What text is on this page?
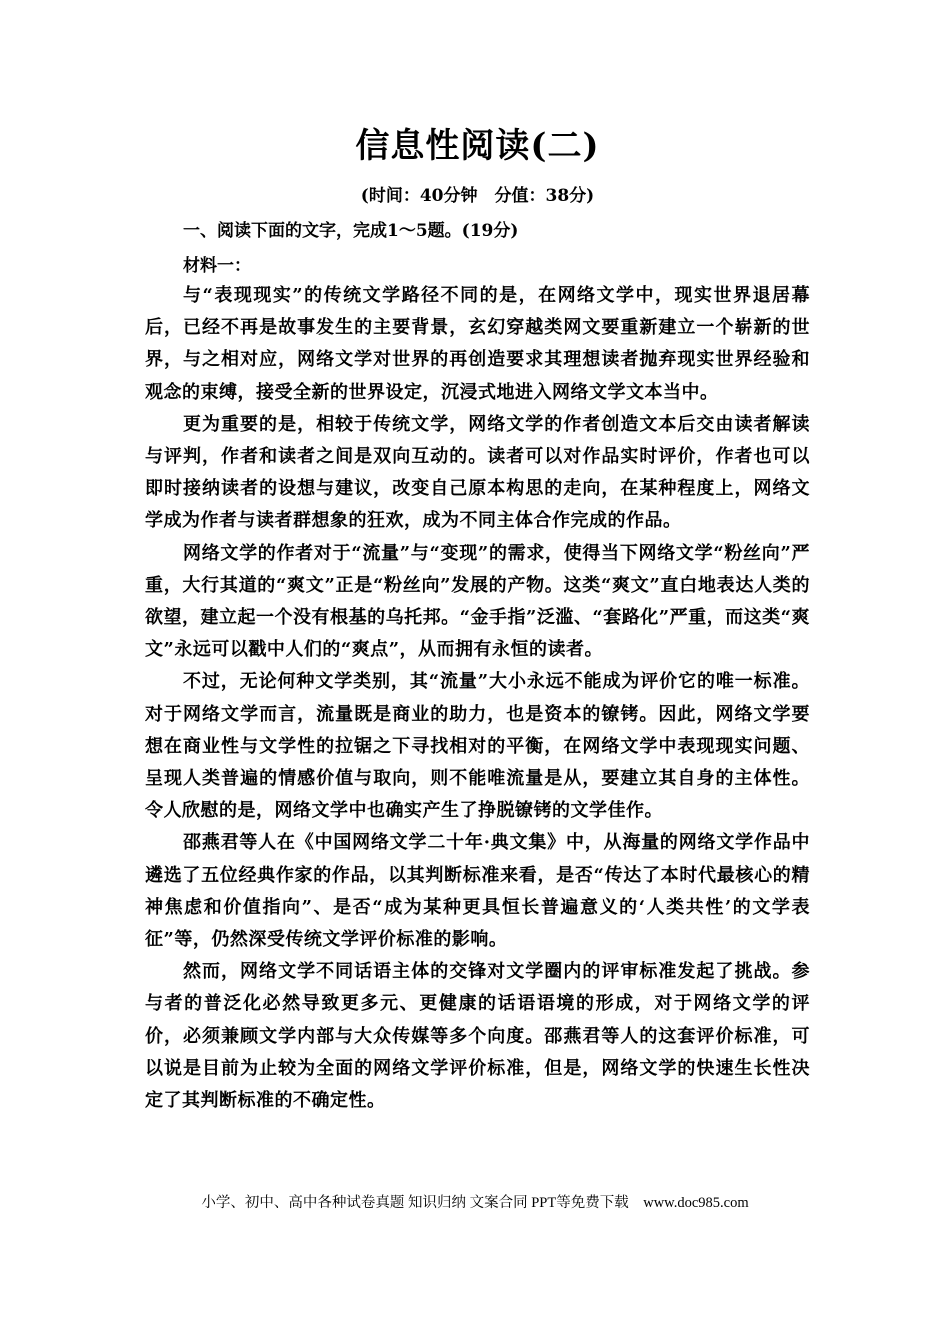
信息性阅读(二)
(时间：40分钟　分值：38分)
一、阅读下面的文字，完成1～5题。(19分)
材料一：

与“表现现实”的传统文学路径不同的是，在网络文学中，现实世界退居幕后，已经不再是故事发生的主要背景，玄幻穿越类网文要重新建立一个崭新的世界，与之相对应，网络文学对世界的再创造要求其理想读者抛弃现实世界经验和观念的束缚，接受全新的世界设定，沉浸式地进入网络文学文本当中。

更为重要的是，相较于传统文学，网络文学的作者创造文本后交由读者解读与评判，作者和读者之间是双向互动的。读者可以对作品实时评价，作者也可以即时接纳读者的设想与建议，改变自己原本构思的走向，在某种程度上，网络文学成为作者与读者群想象的狂欢，成为不同主体合作完成的作品。

网络文学的作者对于“流量”与“变现”的需求，使得当下网络文学“粉丝向”严重，大行其道的“爽文”正是“粉丝向”发展的产物。这类“爽文”直白地表达人类的欲望，建立起一个没有根基的乌托邦。“金手指”泛滥、“套路化”严重，而这类“爽文”永远可以戳中人们的“爽点”，从而拥有永恒的读者。

不过，无论何种文学类别，其“流量”大小永远不能成为评价它的唯一标准。对于网络文学而言，流量既是商业的助力，也是资本的镣铐。因此，网络文学要想在商业性与文学性的拉锯之下寻找相对的平衡，在网络文学中表现现实问题、呈现人类普遍的情感价值与取向，则不能唯流量是从，要建立其自身的主体性。令人欣慰的是，网络文学中也确实产生了挣脱镣铐的文学佳作。

邵燕君等人在《中国网络文学二十年·典文集》中，从海量的网络文学作品中遴选了五位经典作家的作品，以其判断标准来看，是否“传达了本时代最核心的精神焦虑和价值指向”、是否“成为某种更具恒长普遍意义的‘人类共性’的文学表征”等，仍然深受传统文学评价标准的影响。

然而，网络文学不同话语主体的交锋对文学圈内的评审标准发起了挑战。参与者的普泛化必然导致更多元、更健康的话语语境的形成，对于网络文学的评价，必须兼顾文学内部与大众传媒等多个向度。邵燕君等人的这套评价标准，可以说是目前为止较为全面的网络文学评价标准，但是，网络文学的快速生长性决定了其判断标准的不确定性。

小学、初中、高中各种试卷真题 知识归纳 文案合同 PPT等免费下载　www.doc985.com
